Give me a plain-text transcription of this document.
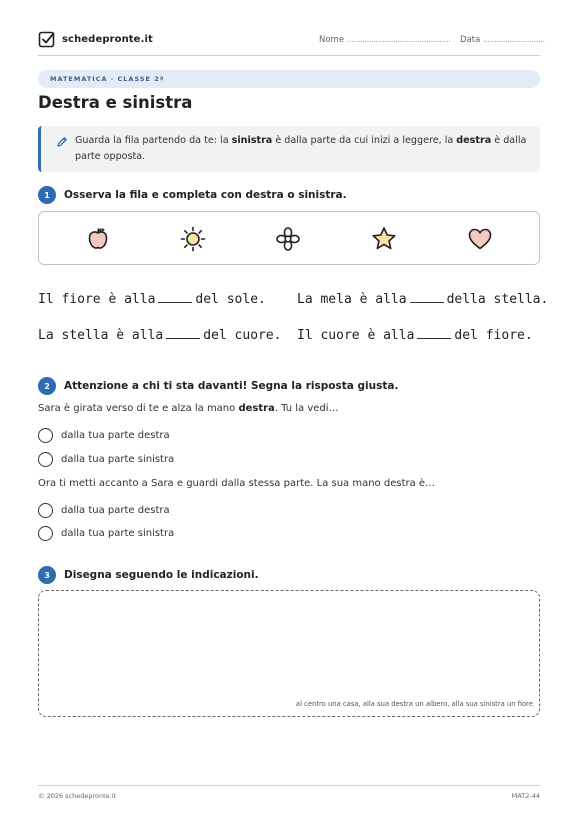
schedepronte.it	Nome ............................................... Data ............................
MATEMATICA · CLASSE 2ª
Destra e sinistra
Guarda la fila partendo da te: la sinistra è dalla parte da cui inizi a leggere, la destra è dalla parte opposta.
1	Osserva la fila e completa con destra o sinistra.
Il fiore è alla	del sole. La mela è alla	della stella.
La stella è alla	del cuore. Il cuore è alla	del fiore.
2	Attenzione a chi ti sta davanti! Segna la risposta giusta.
Sara è girata verso di te e alza la mano destra. Tu la vedi…
dalla tua parte destra
dalla tua parte sinistra
Ora ti metti accanto a Sara e guardi dalla stessa parte. La sua mano destra è…
dalla tua parte destra
dalla tua parte sinistra
3	Disegna seguendo le indicazioni.
al centro una casa, alla sua destra un albero, alla sua sinistra un fiore
© 2026 schedepronte.it	MAT2-44
